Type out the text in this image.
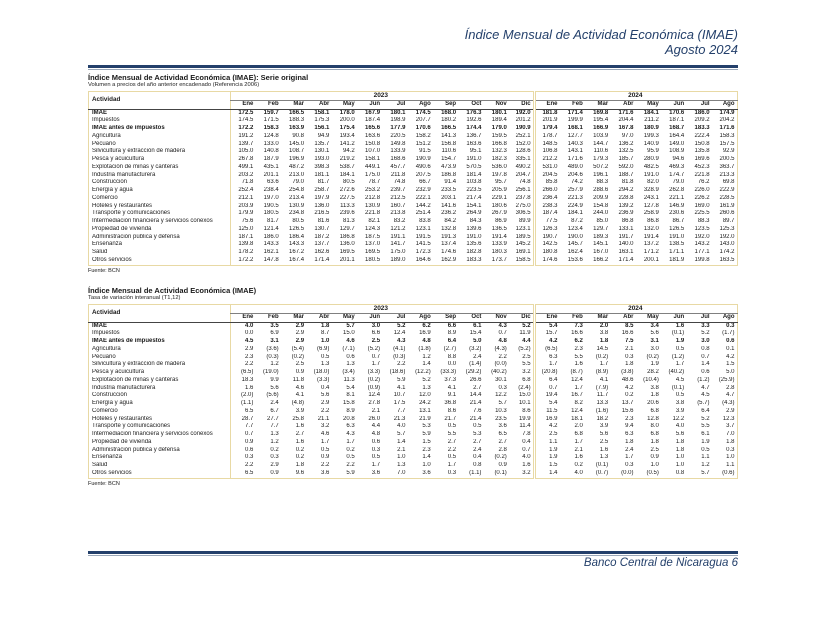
Índice Mensual de Actividad Económica (IMAE)
Agosto 2024
Índice Mensual de Actividad Económica (IMAE): Serie original
Volumen a precios del año anterior encadenado (Referencia 2006)
Actividad	2023												2024							
	Ene	Feb	Mar	Abr	May	Jun	Jul	Ago	Sep	Oct	Nov	Dic	Ene	Feb	Mar	Abr	May	Jun	Jul	Ago
IMAE	172.5	159.7	166.5	158.1	178.0	167.9	180.1	174.5	168.0	176.3	180.1	192.0	181.8	171.4	169.8	171.6	184.1	170.6	186.0	174.9
Impuestos	174.5	171.5	188.3	175.3	200.0	187.4	198.9	207.7	180.2	192.6	189.4	201.2	201.9	199.9	195.4	204.4	211.2	187.1	209.2	204.2
IMAE antes de impuestos	172.2	158.3	163.9	156.1	175.4	165.6	177.9	170.6	166.5	174.4	179.0	190.9	179.4	168.1	166.9	167.8	180.9	168.7	183.3	171.6
Agricultura	191.2	124.8	90.8	94.9	193.4	163.6	220.5	158.2	141.3	136.7	159.5	252.1	178.7	127.7	103.9	97.0	199.3	164.4	222.4	158.3
Pecuario	139.7	133.0	145.0	135.7	141.2	150.8	149.8	151.2	156.8	163.6	166.8	152.0	148.5	140.3	144.7	136.2	140.9	149.0	150.8	157.5
Silvicultura y extracción de madera	105.0	140.8	108.7	130.1	94.2	107.0	133.9	91.5	110.6	95.1	132.3	128.6	106.8	143.1	110.6	132.5	95.9	108.9	135.8	92.9
Pesca y acuicultura	267.8	187.9	196.9	193.0	219.2	158.1	168.6	190.9	154.7	191.0	182.3	335.1	212.2	171.6	179.3	185.7	280.9	94.6	169.6	200.5
Explotación de minas y canteras	499.1	435.1	487.2	398.3	538.7	449.1	457.7	490.6	473.9	570.5	536.0	490.2	531.0	489.0	507.2	592.0	482.5	469.3	452.3	363.7
Industria manufacturera	203.2	201.1	213.0	181.1	184.1	175.0	211.8	207.5	186.8	181.4	197.8	204.7	204.5	204.6	196.1	188.7	191.0	174.7	221.8	213.3
Construcción	71.8	63.6	79.0	81.7	80.5	78.7	74.8	66.7	91.4	103.8	95.7	74.8	85.8	74.2	88.3	81.8	82.0	79.0	76.2	69.8
Energía y agua	252.4	238.4	254.8	258.7	272.6	253.2	239.7	232.9	233.5	223.5	205.9	256.1	266.0	257.9	288.6	294.2	328.9	262.8	226.0	222.9
Comercio	212.1	197.0	213.4	197.9	227.5	212.8	212.5	222.1	203.1	217.4	229.1	237.8	236.4	221.3	209.9	228.8	243.1	221.1	226.2	228.5
Hoteles y restaurantes	203.9	190.5	130.9	136.0	113.3	130.9	160.7	144.2	141.6	154.1	180.6	275.0	238.3	224.9	154.8	139.2	127.8	146.9	169.0	161.9
Transporte y comunicaciones	179.9	180.5	234.8	216.5	239.6	221.8	213.8	251.4	236.2	264.9	267.9	306.5	187.4	184.1	244.0	236.9	258.9	230.6	225.5	260.6
Intermediación financiera y servicios conexos	75.6	81.7	80.5	81.6	81.3	82.1	83.2	83.8	84.2	84.3	86.9	89.9	77.5	87.2	85.0	86.8	86.8	86.7	88.3	89.7
Propiedad de vivienda	125.0	121.4	126.5	130.7	129.7	124.3	121.2	123.1	132.8	139.6	136.5	123.1	126.3	123.4	129.7	133.1	132.0	126.5	123.5	125.3
Administración pública y defensa	187.1	186.0	186.4	187.2	186.8	187.5	191.1	191.5	191.3	191.0	191.4	189.5	190.7	190.0	189.3	191.7	191.4	191.0	192.0	192.0
Enseñanza	139.8	143.3	143.3	137.7	136.0	137.0	141.7	141.5	137.4	135.6	133.9	145.2	142.5	145.7	145.1	140.0	137.2	138.5	143.2	143.0
Salud	178.2	162.1	167.2	162.6	169.5	169.5	175.0	172.3	174.6	182.8	180.3	169.1	180.8	162.4	167.0	163.1	171.2	171.1	177.1	174.2
Otros servicios	172.2	147.8	167.4	171.4	201.1	180.5	189.0	164.6	162.9	183.3	173.7	158.5	174.6	153.6	166.2	171.4	200.1	181.9	199.8	163.5
Fuente: BCN
Índice Mensual de Actividad Económica (IMAE)
Tasa de variación interanual (T1,12)
Actividad	2023												2024							
	Ene	Feb	Mar	Abr	May	Jun	Jul	Ago	Sep	Oct	Nov	Dic	Ene	Feb	Mar	Abr	May	Jun	Jul	Ago
IMAE	4.0	3.5	2.9	1.8	5.7	3.0	5.2	6.2	6.6	6.1	4.3	5.2	5.4	7.3	2.0	8.5	3.4	1.6	3.3	0.3
Impuestos	0.0	6.9	2.9	8.7	15.0	6.6	12.4	16.9	8.9	15.4	0.7	11.9	15.7	16.6	3.8	16.6	5.6	(0.1)	5.2	(1.7)
IMAE antes de impuestos	4.5	3.1	2.9	1.0	4.6	2.5	4.3	4.8	6.4	5.0	4.8	4.4	4.2	6.2	1.8	7.5	3.1	1.9	3.0	0.6
Agricultura	2.9	(3.6)	(5.4)	(6.9)	(7.1)	(5.2)	(4.1)	(1.8)	(2.7)	(3.2)	(4.3)	(5.2)	(6.5)	2.3	14.5	2.1	3.0	0.5	0.8	0.1
Pecuario	2.3	(0.3)	(0.2)	0.5	0.6	0.7	(0.3)	1.2	8.8	2.4	2.2	2.5	6.3	5.5	(0.2)	0.3	(0.2)	(1.2)	0.7	4.2
Silvicultura y extracción de madera	2.2	1.2	2.5	1.3	1.3	1.7	2.2	1.4	0.0	(1.4)	(0.0)	5.5	1.7	1.6	1.7	1.8	1.9	1.7	1.4	1.5
Pesca y acuicultura	(6.5)	(19.0)	0.9	(18.0)	(3.4)	(3.3)	(18.6)	(12.2)	(33.3)	(29.2)	(40.2)	3.2	(20.8)	(8.7)	(8.9)	(3.8)	28.2	(40.2)	0.6	5.0
Explotación de minas y canteras	18.3	9.9	11.8	(3.3)	11.3	(0.2)	5.9	5.2	37.3	26.6	30.1	6.8	6.4	12.4	4.1	48.6	(10.4)	4.5	(1.2)	(25.9)
Industria manufacturera	1.6	5.6	4.6	0.4	5.4	(0.9)	4.1	1.3	4.1	2.7	0.3	(2.4)	0.7	1.7	(7.9)	4.2	3.8	(0.1)	4.7	2.8
Construcción	(2.0)	(5.6)	4.1	5.6	8.1	12.4	10.7	12.0	9.1	14.4	12.2	15.0	19.4	16.7	11.7	0.2	1.8	0.5	4.5	4.7
Energía y agua	(1.1)	2.4	(4.8)	2.9	15.8	27.8	17.5	24.2	36.8	21.4	5.7	10.1	5.4	8.2	13.3	13.7	20.6	3.8	(5.7)	(4.3)
Comercio	6.5	6.7	3.9	2.2	8.9	2.1	7.7	13.1	8.6	7.6	10.3	8.6	11.5	12.4	(1.6)	15.6	6.8	3.9	6.4	2.9
Hoteles y restaurantes	28.7	27.7	25.8	21.1	20.8	26.0	21.3	21.9	21.7	21.4	23.5	19.9	16.9	18.1	18.2	2.3	12.8	12.2	5.2	12.3
Transporte y comunicaciones	7.7	7.7	1.6	3.2	6.3	4.4	4.0	5.3	0.5	0.5	3.6	11.4	4.2	2.0	3.9	9.4	8.0	4.0	5.5	3.7
Intermediación financiera y servicios conexos	0.7	1.3	2.7	4.6	4.3	4.8	5.7	5.9	5.5	5.3	6.5	7.8	2.5	6.8	5.6	6.3	6.8	5.6	6.1	7.0
Propiedad de vivienda	0.9	1.2	1.6	1.7	1.7	0.6	1.4	1.5	2.7	2.7	2.7	0.4	1.1	1.7	2.5	1.8	1.8	1.8	1.9	1.8
Administración pública y defensa	0.6	0.2	0.2	0.5	0.2	0.3	2.1	2.3	2.2	2.4	2.8	0.7	1.9	2.1	1.6	2.4	2.5	1.8	0.5	0.3
Enseñanza	0.3	0.3	0.2	0.9	0.5	0.5	1.0	1.4	0.5	0.4	(0.2)	4.0	1.9	1.6	1.3	1.7	0.9	1.0	1.1	1.0
Salud	2.2	2.9	1.8	2.2	2.2	1.7	1.3	1.0	1.7	0.8	0.9	1.6	1.5	0.2	(0.1)	0.3	1.0	1.0	1.2	1.1
Otros servicios	6.5	0.9	9.6	3.6	5.9	3.6	7.0	3.6	0.3	(1.1)	(0.1)	3.2	1.4	4.0	(0.7)	(0.0)	(0.5)	0.8	5.7	(0.6)
Fuente: BCN
Banco Central de Nicaragua 6
